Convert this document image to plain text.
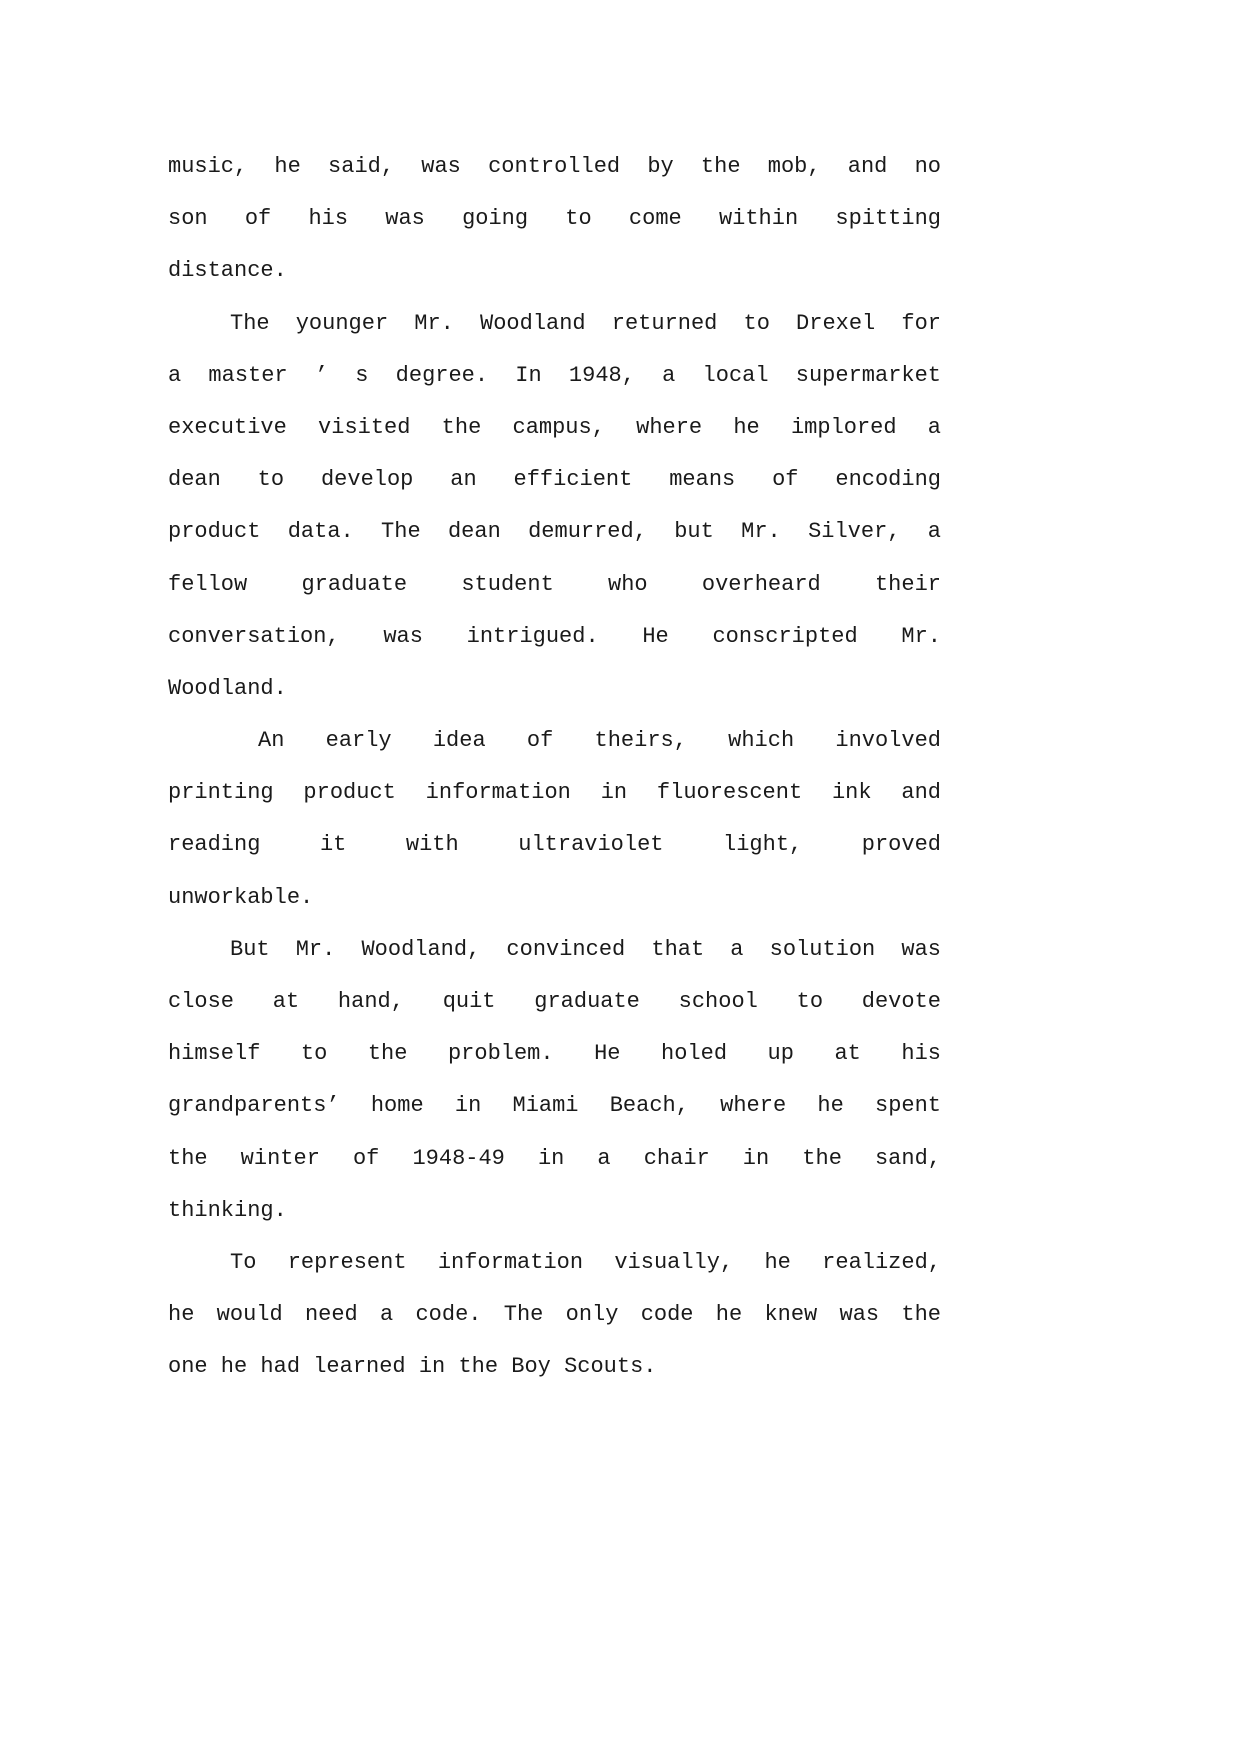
music, he said, was controlled by the mob, and no
son of his was going to come within spitting
distance.
The younger Mr. Woodland returned to Drexel for
a master ’ s degree. In 1948, a local supermarket
executive visited the campus, where he implored a
dean to develop an efficient means of encoding
product data. The dean demurred, but Mr. Silver, a
fellow graduate student who overheard their
conversation, was intrigued. He conscripted Mr.
Woodland.
An early idea of theirs, which involved
printing product information in fluorescent ink and
reading it with ultraviolet light, proved
unworkable.
But Mr. Woodland, convinced that a solution was
close at hand, quit graduate school to devote
himself to the problem. He holed up at his
grandparents’ home in Miami Beach, where he spent
the winter of 1948-49 in a chair in the sand,
thinking.
To represent information visually, he realized,
he would need a code. The only code he knew was the
one he had learned in the Boy Scouts.
